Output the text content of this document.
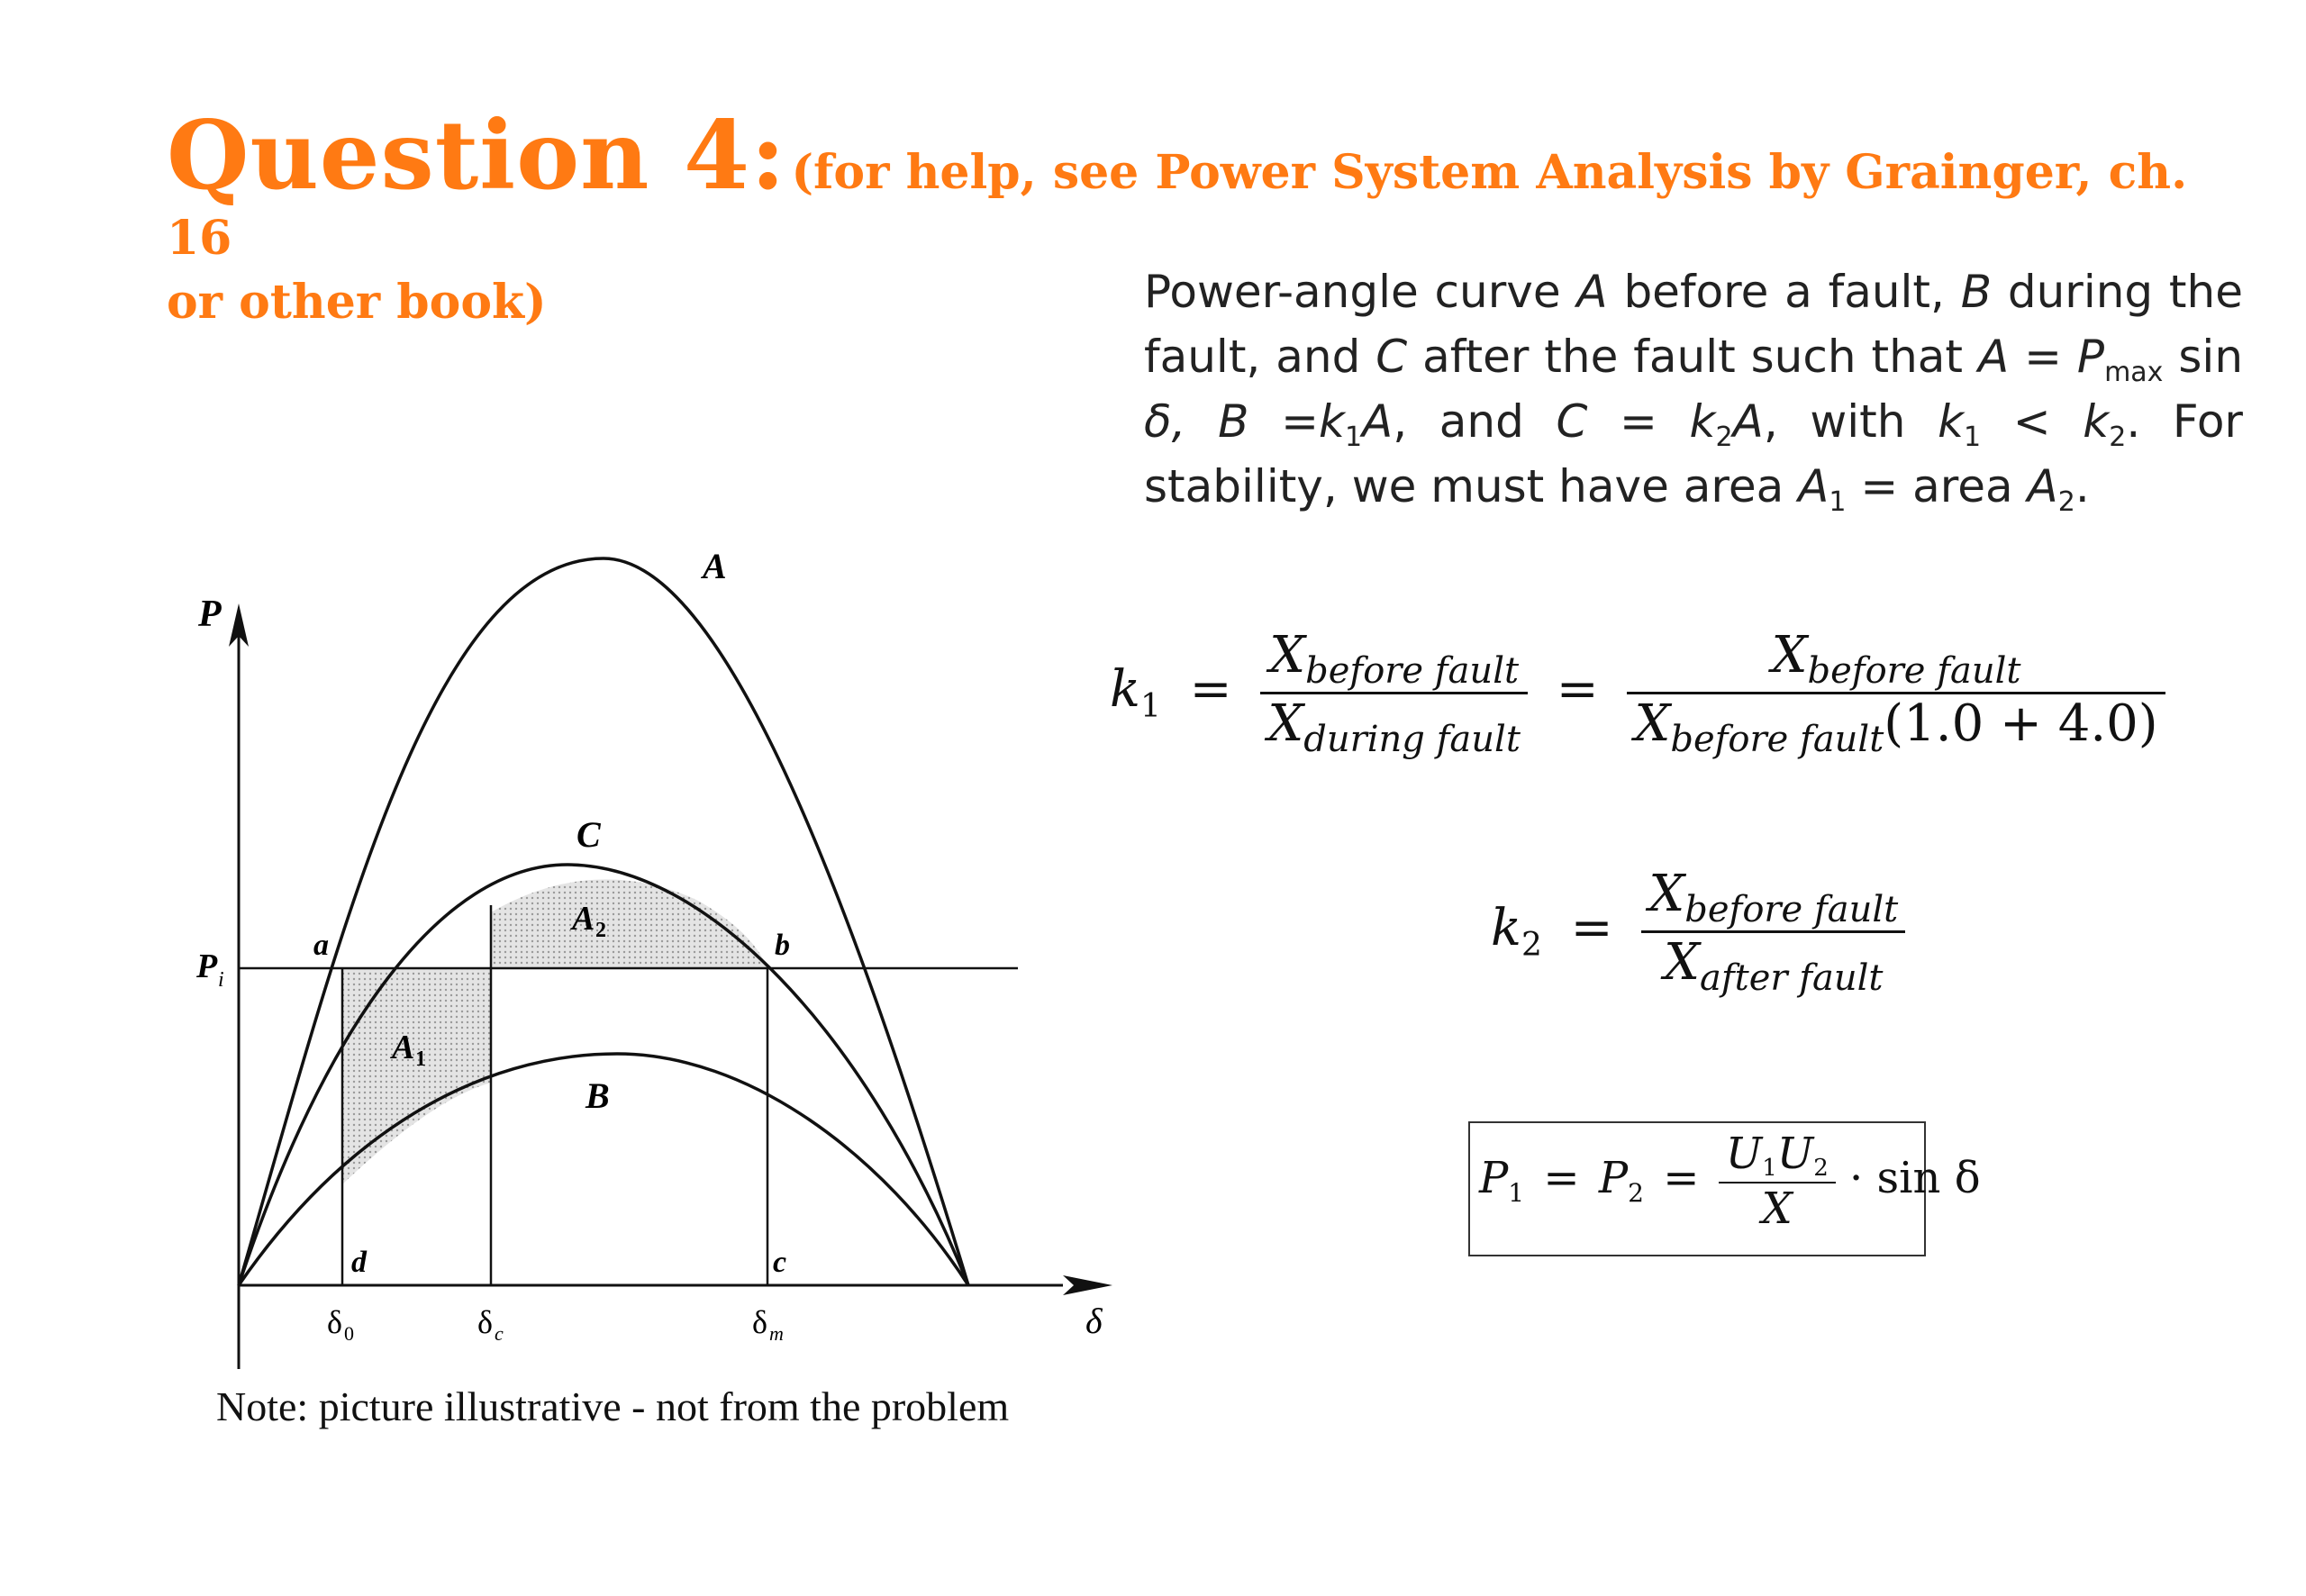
Question 4: (for help, see Power System Analysis by Grainger, ch. 16
or other book)	Power-angle curve A before a fault, B during the fault, and C after the fault such that $A = P_{max}$ sin δ, $B =k_1A$, and $C = k_2A$, with $k_1 < k_2$. For stability, we must have area $A_1$ = area $A_2$.
$k_1 = \frac{X_{before fault}}{X_{during fault}} = \frac{X_{before fault}}{X_{before fault}(1.0 + 4.0)}$
$k_2 = \frac{X_{before fault}}{X_{after fault}}$
$P_1 = P_2 = \frac{U1U2}{X} \cdot \sin \delta$
P
δ
P i
A
C
B
A 1
A 2
a	b
c
d
δ 0	δ c	δ m
Note: picture illustrative - not from the problem
